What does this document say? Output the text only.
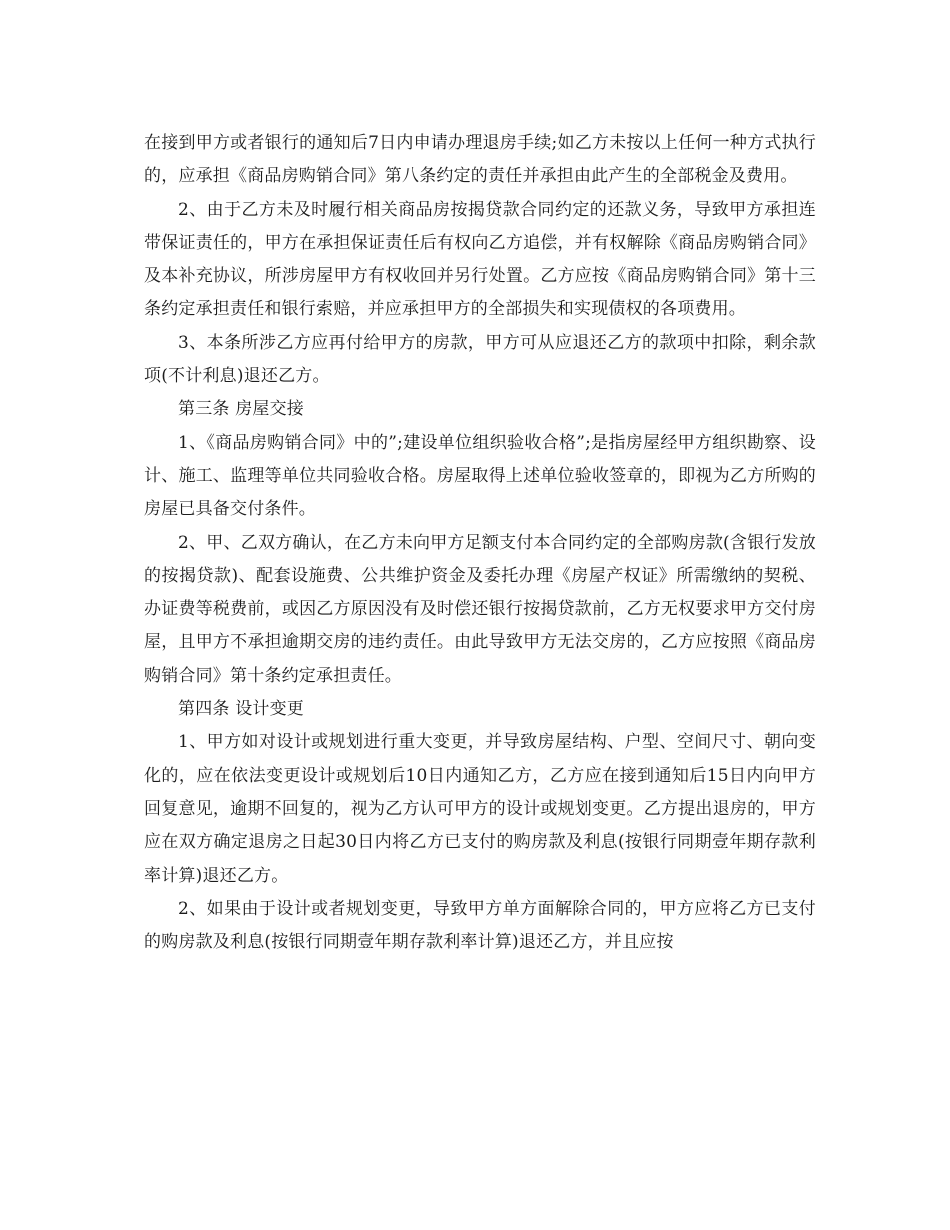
在接到甲方或者银行的通知后7日内申请办理退房手续;如乙方未按以上任何一种方式执行的，应承担《商品房购销合同》第八条约定的责任并承担由此产生的全部税金及费用。

2、由于乙方未及时履行相关商品房按揭贷款合同约定的还款义务，导致甲方承担连带保证责任的，甲方在承担保证责任后有权向乙方追偿，并有权解除《商品房购销合同》及本补充协议，所涉房屋甲方有权收回并另行处置。乙方应按《商品房购销合同》第十三条约定承担责任和银行索赔，并应承担甲方的全部损失和实现债权的各项费用。

3、本条所涉乙方应再付给甲方的房款，甲方可从应退还乙方的款项中扣除，剩余款项(不计利息)退还乙方。

第三条 房屋交接

1、《商品房购销合同》中的”;建设单位组织验收合格”;是指房屋经甲方组织勘察、设计、施工、监理等单位共同验收合格。房屋取得上述单位验收签章的，即视为乙方所购的房屋已具备交付条件。

2、甲、乙双方确认，在乙方未向甲方足额支付本合同约定的全部购房款(含银行发放的按揭贷款)、配套设施费、公共维护资金及委托办理《房屋产权证》所需缴纳的契税、办证费等税费前，或因乙方原因没有及时偿还银行按揭贷款前，乙方无权要求甲方交付房屋，且甲方不承担逾期交房的违约责任。由此导致甲方无法交房的，乙方应按照《商品房购销合同》第十条约定承担责任。

第四条 设计变更

1、甲方如对设计或规划进行重大变更，并导致房屋结构、户型、空间尺寸、朝向变化的，应在依法变更设计或规划后10日内通知乙方，乙方应在接到通知后15日内向甲方回复意见，逾期不回复的，视为乙方认可甲方的设计或规划变更。乙方提出退房的，甲方应在双方确定退房之日起30日内将乙方已支付的购房款及利息(按银行同期壹年期存款利率计算)退还乙方。

2、如果由于设计或者规划变更，导致甲方单方面解除合同的，甲方应将乙方已支付的购房款及利息(按银行同期壹年期存款利率计算)退还乙方，并且应按
